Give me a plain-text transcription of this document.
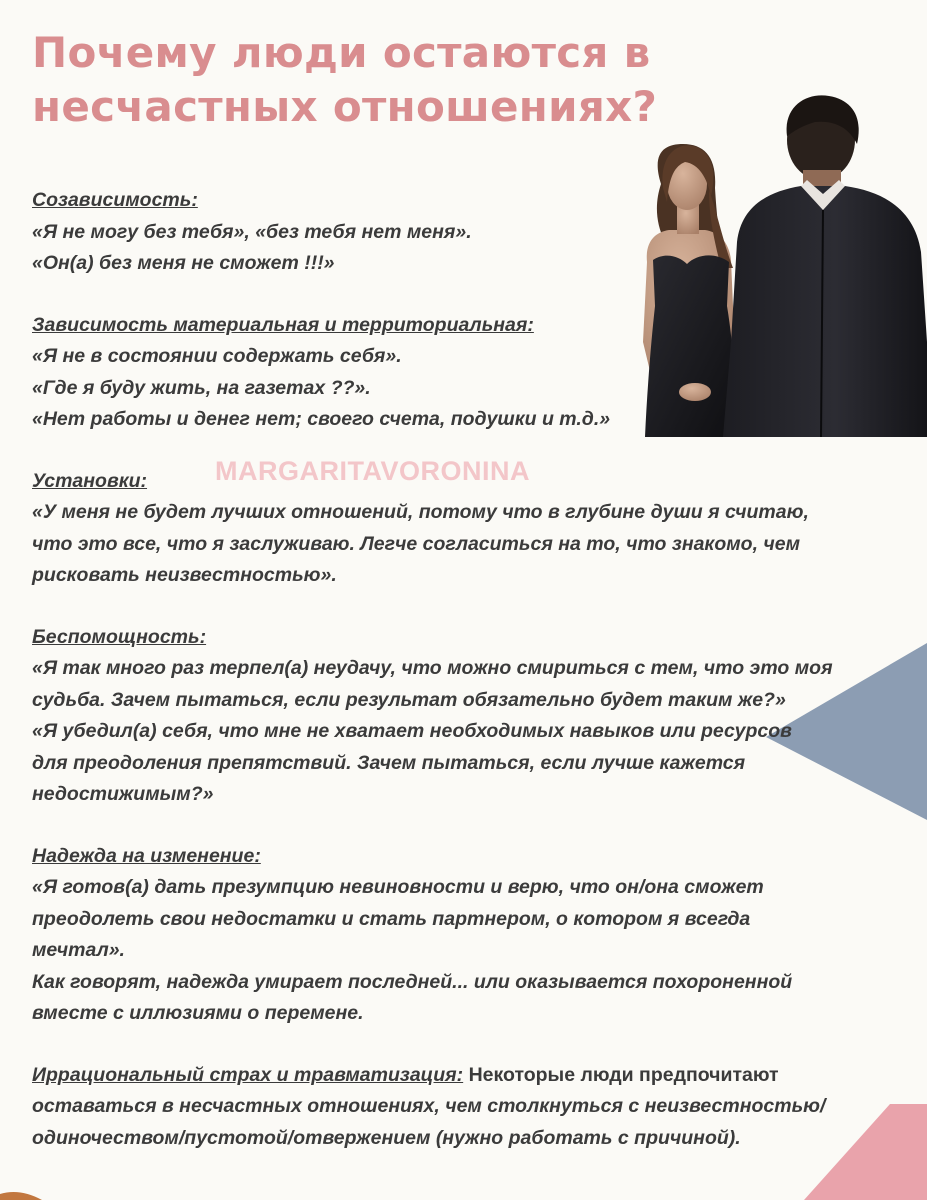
Почему люди остаются в несчастных отношениях?
MARGARITAVORONINA
Созависимость:
«Я не могу без тебя», «без тебя нет меня».
«Он(а) без меня не сможет !!!»
Зависимость материальная и территориальная:
«Я не в состоянии содержать себя».
«Где я буду жить, на газетах ??».
«Нет работы и денег нет; своего счета, подушки и т.д.»
Установки:
«У меня не будет лучших отношений, потому что в глубине души я считаю,
что это все, что я заслуживаю. Легче согласиться на то, что знакомо, чем
рисковать неизвестностью».
Беспомощность:
«Я так много раз терпел(а) неудачу, что можно смириться с тем, что это моя
судьба. Зачем пытаться, если результат обязательно будет таким же?»
«Я убедил(а) себя, что мне не хватает необходимых навыков или ресурсов
для преодоления препятствий. Зачем пытаться, если лучше кажется
недостижимым?»
Надежда на изменение:
«Я готов(а) дать презумпцию невиновности и верю, что он/она сможет
преодолеть свои недостатки и стать партнером, о котором я всегда
мечтал».
Как говорят, надежда умирает последней... или оказывается похороненной
вместе с иллюзиями о перемене.
Иррациональный страх и травматизация: Некоторые люди предпочитают
оставаться в несчастных отношениях, чем столкнуться с неизвестностью/
одиночеством/пустотой/отвержением (нужно работать с причиной).
